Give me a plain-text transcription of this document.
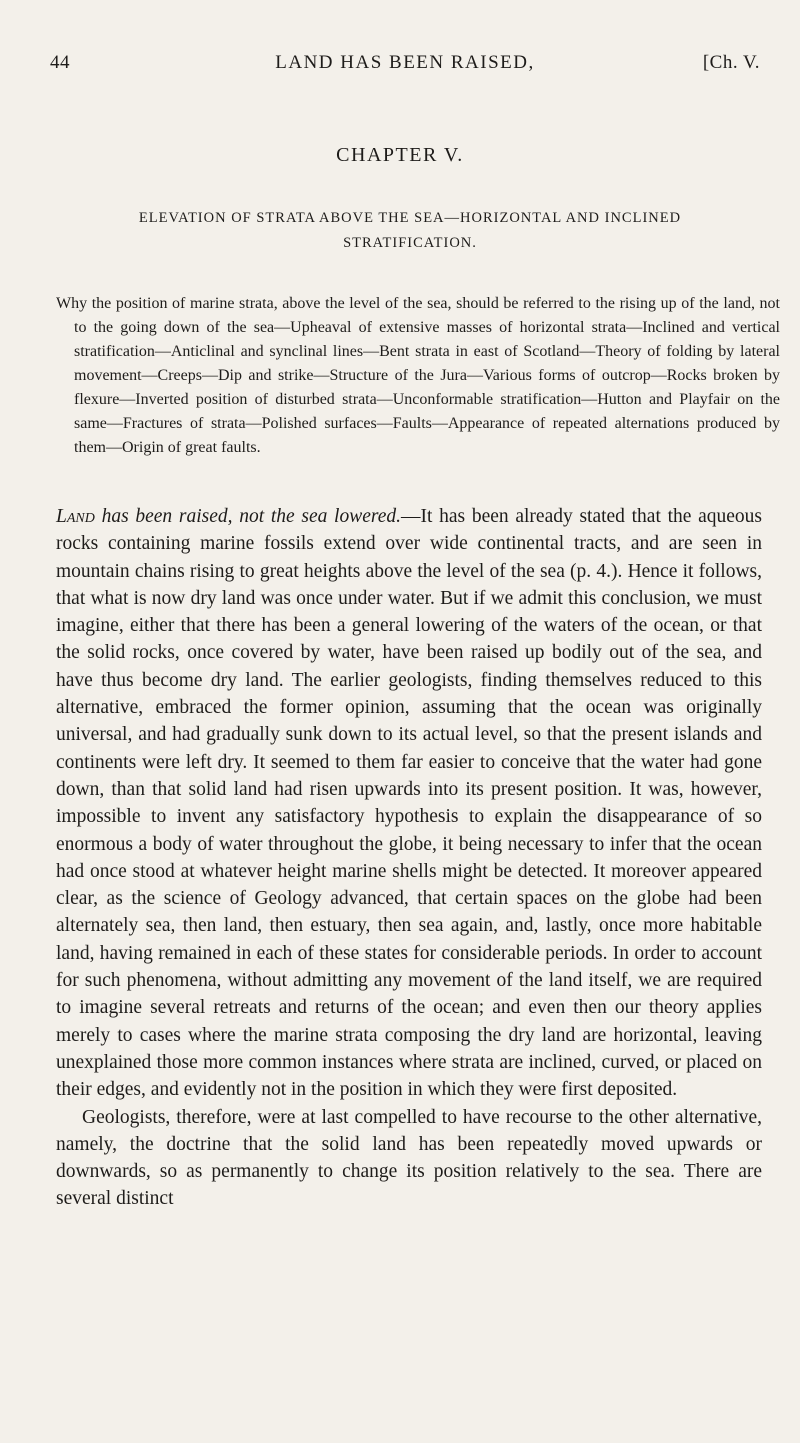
44	LAND HAS BEEN RAISED,	[Ch. V.
CHAPTER V.
ELEVATION OF STRATA ABOVE THE SEA—HORIZONTAL AND INCLINED STRATIFICATION.
Why the position of marine strata, above the level of the sea, should be referred to the rising up of the land, not to the going down of the sea—Upheaval of extensive masses of horizontal strata—Inclined and vertical stratification—Anticlinal and synclinal lines—Bent strata in east of Scotland—Theory of folding by lateral movement—Creeps—Dip and strike—Structure of the Jura—Various forms of outcrop—Rocks broken by flexure—Inverted position of disturbed strata—Unconformable stratification—Hutton and Playfair on the same—Fractures of strata—Polished surfaces—Faults—Appearance of repeated alternations produced by them—Origin of great faults.

Land has been raised, not the sea lowered.—It has been already stated that the aqueous rocks containing marine fossils extend over wide continental tracts, and are seen in mountain chains rising to great heights above the level of the sea (p. 4.). Hence it follows, that what is now dry land was once under water. But if we admit this conclusion, we must imagine, either that there has been a general lowering of the waters of the ocean, or that the solid rocks, once covered by water, have been raised up bodily out of the sea, and have thus become dry land. The earlier geologists, finding themselves reduced to this alternative, embraced the former opinion, assuming that the ocean was originally universal, and had gradually sunk down to its actual level, so that the present islands and continents were left dry. It seemed to them far easier to conceive that the water had gone down, than that solid land had risen upwards into its present position. It was, however, impossible to invent any satisfactory hypothesis to explain the disappearance of so enormous a body of water throughout the globe, it being necessary to infer that the ocean had once stood at whatever height marine shells might be detected. It moreover appeared clear, as the science of Geology advanced, that certain spaces on the globe had been alternately sea, then land, then estuary, then sea again, and, lastly, once more habitable land, having remained in each of these states for considerable periods. In order to account for such phenomena, without admitting any movement of the land itself, we are required to imagine several retreats and returns of the ocean; and even then our theory applies merely to cases where the marine strata composing the dry land are horizontal, leaving unexplained those more common instances where strata are inclined, curved, or placed on their edges, and evidently not in the position in which they were first deposited.

Geologists, therefore, were at last compelled to have recourse to the other alternative, namely, the doctrine that the solid land has been repeatedly moved upwards or downwards, so as permanently to change its position relatively to the sea. There are several distinct
